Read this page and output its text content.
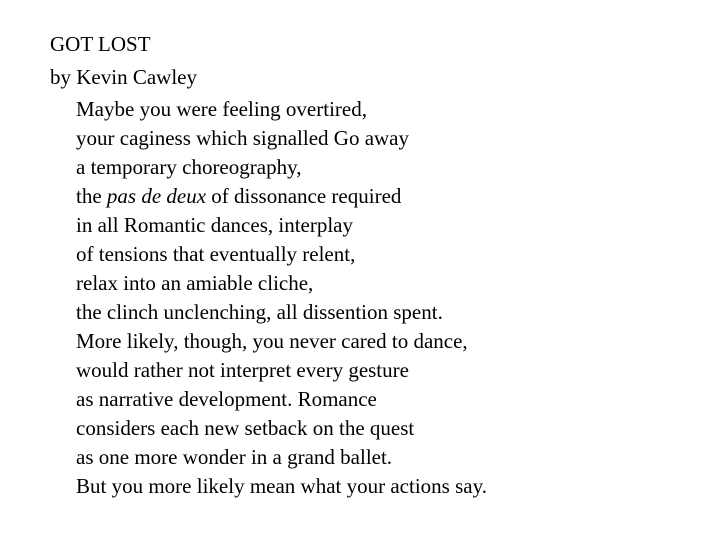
GOT LOST
by Kevin Cawley
Maybe you were feeling overtired,
your caginess which signalled Go away
a temporary choreography,
the pas de deux of dissonance required
in all Romantic dances, interplay
of tensions that eventually relent,
relax into an amiable cliche,
the clinch unclenching, all dissention spent.
More likely, though, you never cared to dance,
would rather not interpret every gesture
as narrative development. Romance
considers each new setback on the quest
as one more wonder in a grand ballet.
But you more likely mean what your actions say.
